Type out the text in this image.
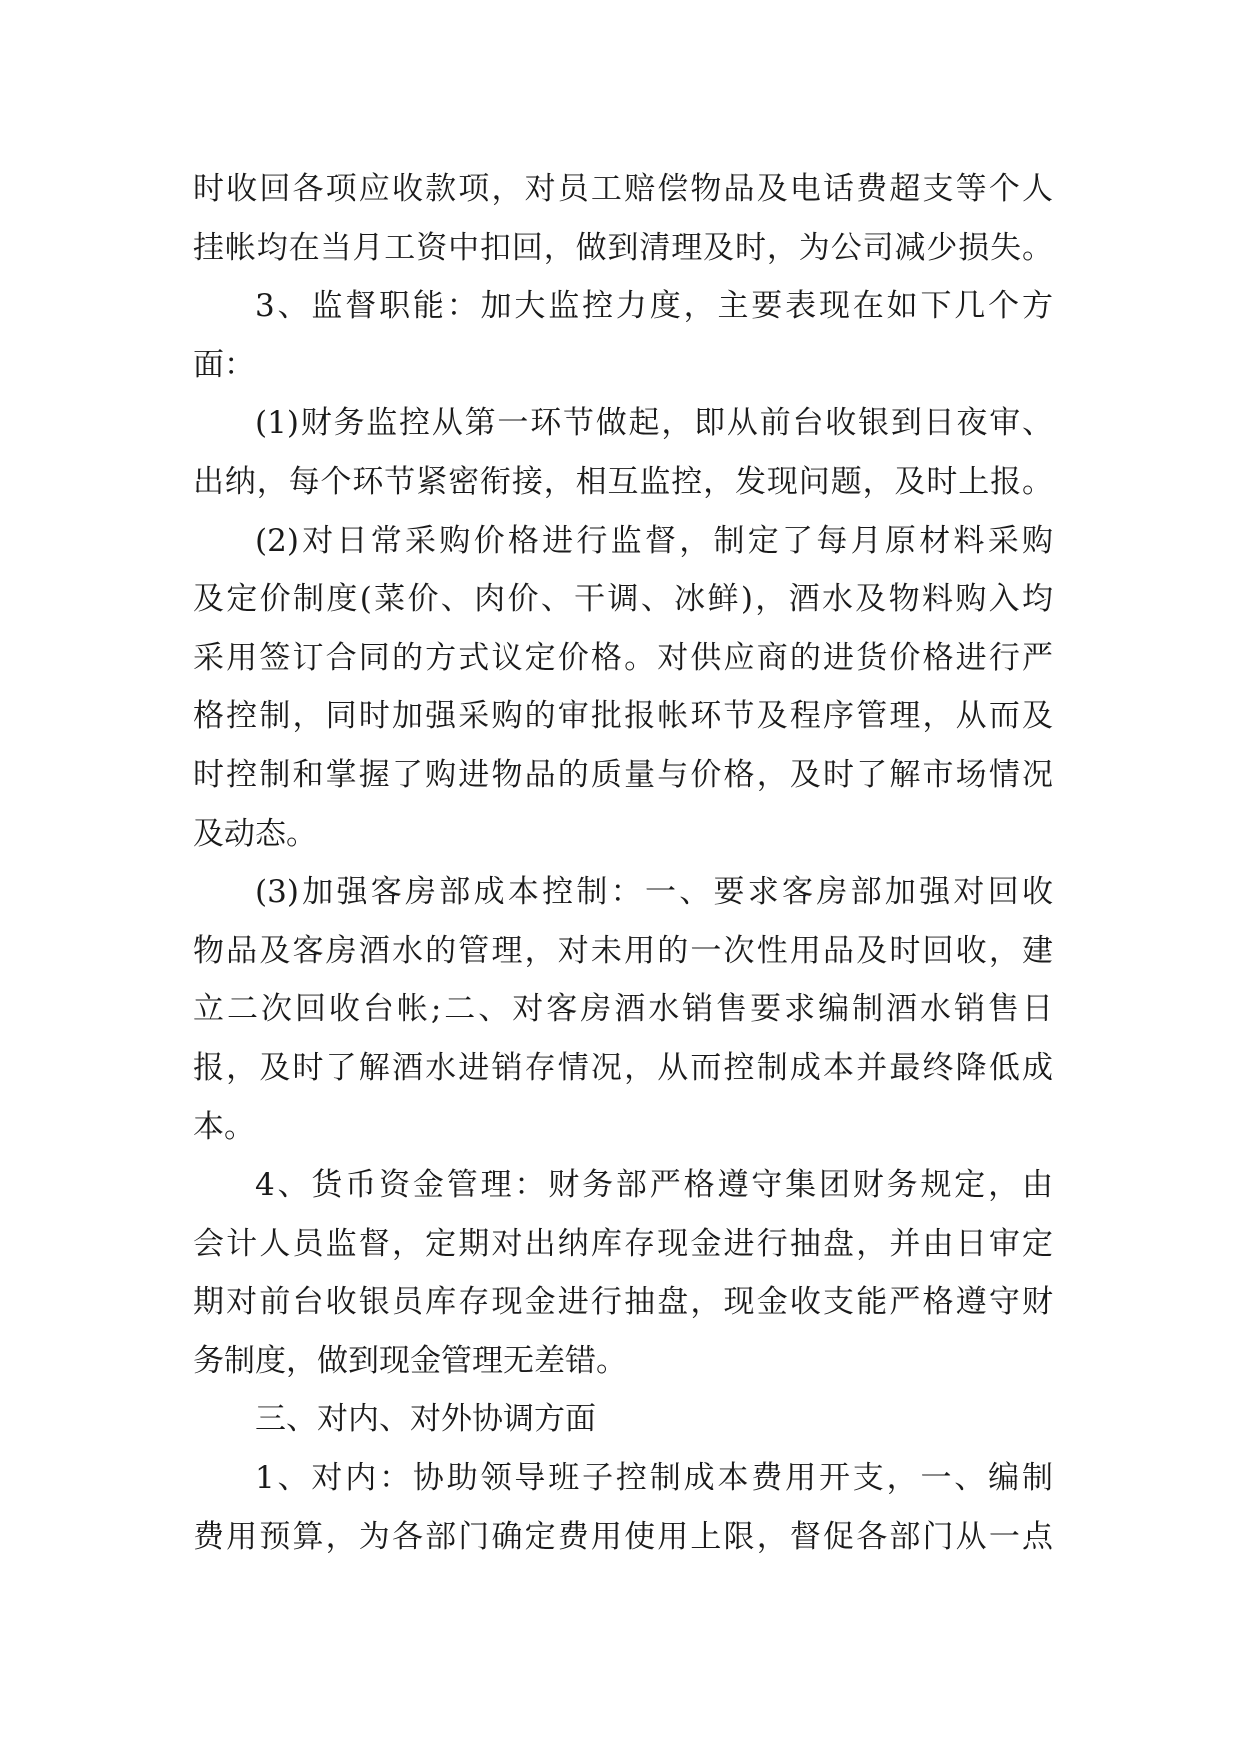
时收回各项应收款项，对员工赔偿物品及电话费超支等个人
挂帐均在当月工资中扣回，做到清理及时，为公司减少损失。
3、监督职能：加大监控力度，主要表现在如下几个方
面：
(1)财务监控从第一环节做起，即从前台收银到日夜审、
出纳，每个环节紧密衔接，相互监控，发现问题，及时上报。
(2)对日常采购价格进行监督，制定了每月原材料采购
及定价制度(菜价、肉价、干调、冰鲜)，酒水及物料购入均
采用签订合同的方式议定价格。对供应商的进货价格进行严
格控制，同时加强采购的审批报帐环节及程序管理，从而及
时控制和掌握了购进物品的质量与价格，及时了解市场情况
及动态。
(3)加强客房部成本控制：一、要求客房部加强对回收
物品及客房酒水的管理，对未用的一次性用品及时回收，建
立二次回收台帐;二、对客房酒水销售要求编制酒水销售日
报，及时了解酒水进销存情况，从而控制成本并最终降低成
本。
4、货币资金管理：财务部严格遵守集团财务规定，由
会计人员监督，定期对出纳库存现金进行抽盘，并由日审定
期对前台收银员库存现金进行抽盘，现金收支能严格遵守财
务制度，做到现金管理无差错。
三、对内、对外协调方面
1、对内：协助领导班子控制成本费用开支，一、编制
费用预算，为各部门确定费用使用上限，督促各部门从一点
